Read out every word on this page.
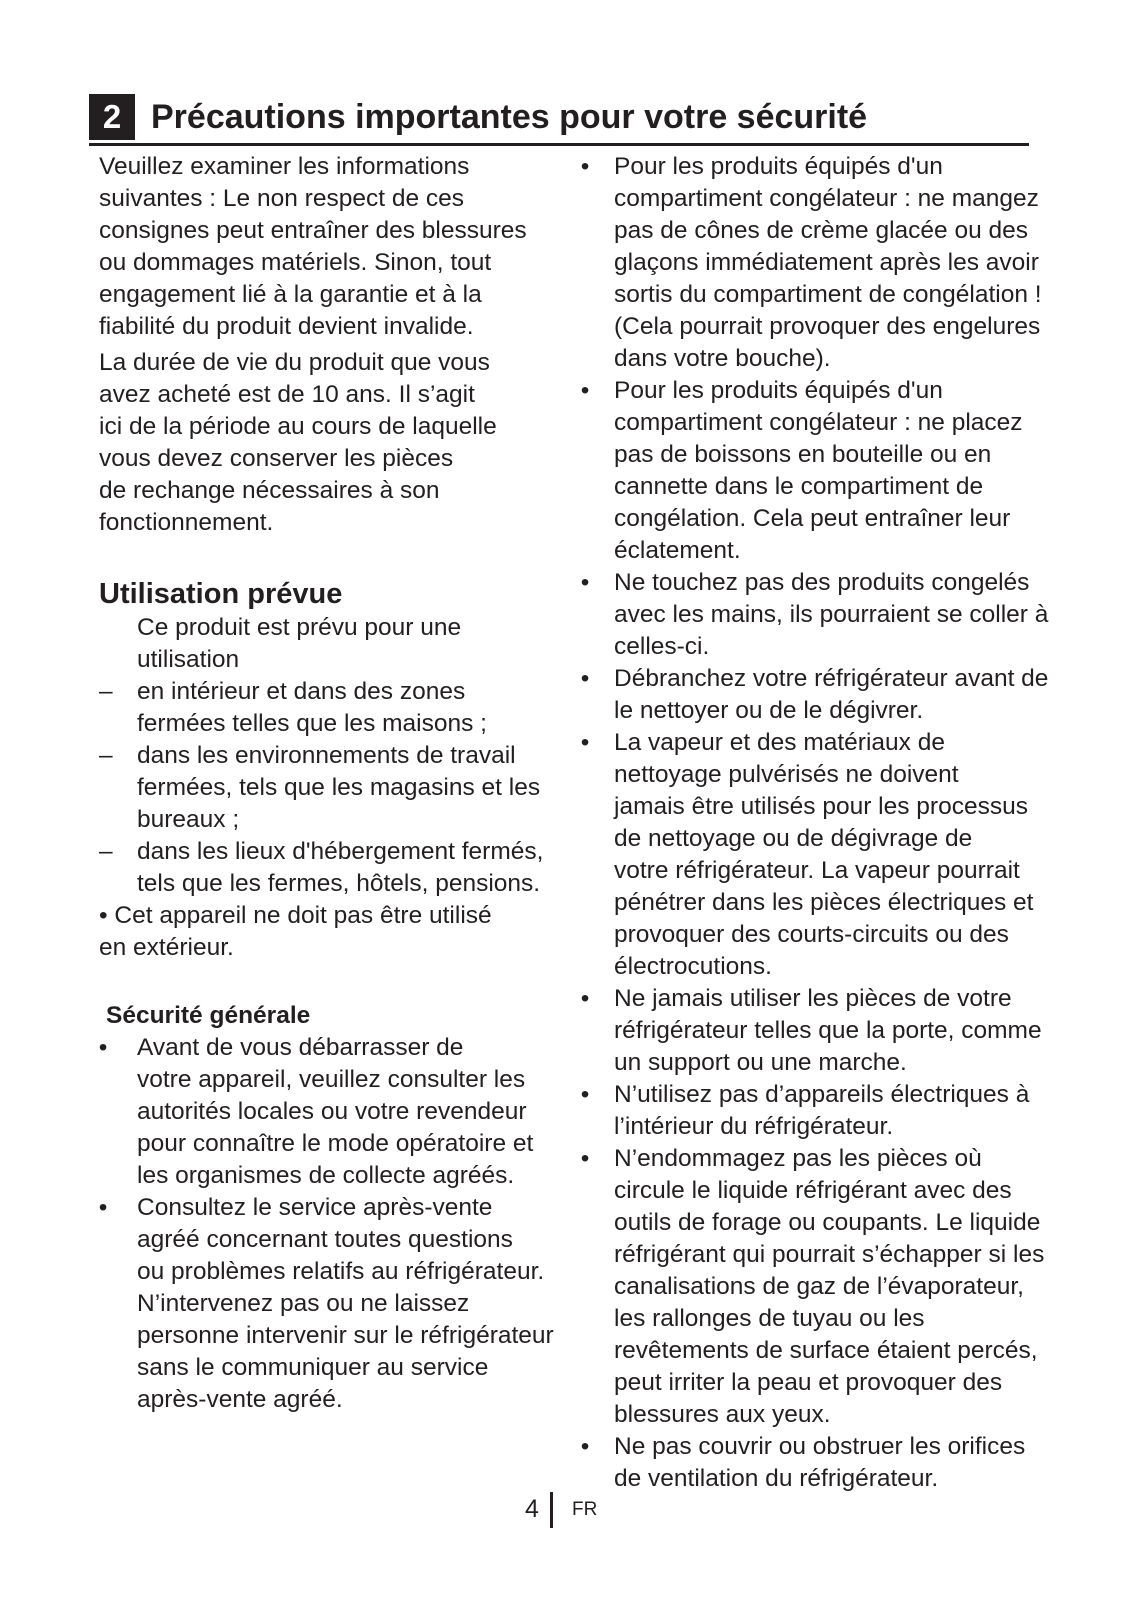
2 Précautions importantes pour votre sécurité
Veuillez examiner les informations
suivantes : Le non respect de ces
consignes peut entraîner des blessures
ou dommages matériels. Sinon, tout
engagement lié à la garantie et à la
fiabilité du produit devient invalide.
La durée de vie du produit que vous
avez acheté est de 10 ans. Il s’agit
ici de la période au cours de laquelle
vous devez conserver les pièces
de rechange nécessaires à son
fonctionnement.
Utilisation prévue
Ce produit est prévu pour une
utilisation
– en intérieur et dans des zones
fermées telles que les maisons ;
– dans les environnements de travail
fermées, tels que les magasins et les
bureaux ;
– dans les lieux d'hébergement fermés,
tels que les fermes, hôtels, pensions.
• Cet appareil ne doit pas être utilisé
en extérieur.
Sécurité générale
• Avant de vous débarrasser de
votre appareil, veuillez consulter les
autorités locales ou votre revendeur
pour connaître le mode opératoire et
les organismes de collecte agréés.
• Consultez le service après-vente
agréé concernant toutes questions
ou problèmes relatifs au réfrigérateur.
N’intervenez pas ou ne laissez
personne intervenir sur le réfrigérateur
sans le communiquer au service
après-vente agréé.
•	Pour les produits équipés d'un
compartiment congélateur : ne mangez
pas de cônes de crème glacée ou des
glaçons immédiatement après les avoir
sortis du compartiment de congélation !
(Cela pourrait provoquer des engelures
dans votre bouche).
•	Pour les produits équipés d'un
compartiment congélateur : ne placez
pas de boissons en bouteille ou en
cannette dans le compartiment de
congélation. Cela peut entraîner leur
éclatement.
•	Ne touchez pas des produits congelés
avec les mains, ils pourraient se coller à
celles-ci.
•	Débranchez votre réfrigérateur avant de
le nettoyer ou de le dégivrer.
•	La vapeur et des matériaux de
nettoyage pulvérisés ne doivent
jamais être utilisés pour les processus
de nettoyage ou de dégivrage de
votre réfrigérateur. La vapeur pourrait
pénétrer dans les pièces électriques et
provoquer des courts-circuits ou des
électrocutions.
•	Ne jamais utiliser les pièces de votre
réfrigérateur telles que la porte, comme
un support ou une marche.
•	N’utilisez pas d’appareils électriques à
l’intérieur du réfrigérateur.
•	N’endommagez pas les pièces où
circule le liquide réfrigérant avec des
outils de forage ou coupants. Le liquide
réfrigérant qui pourrait s’échapper si les
canalisations de gaz de l’évaporateur,
les rallonges de tuyau ou les
revêtements de surface étaient percés,
peut irriter la peau et provoquer des
blessures aux yeux.
•	Ne pas couvrir ou obstruer les orifices
de ventilation du réfrigérateur.
4 FR
